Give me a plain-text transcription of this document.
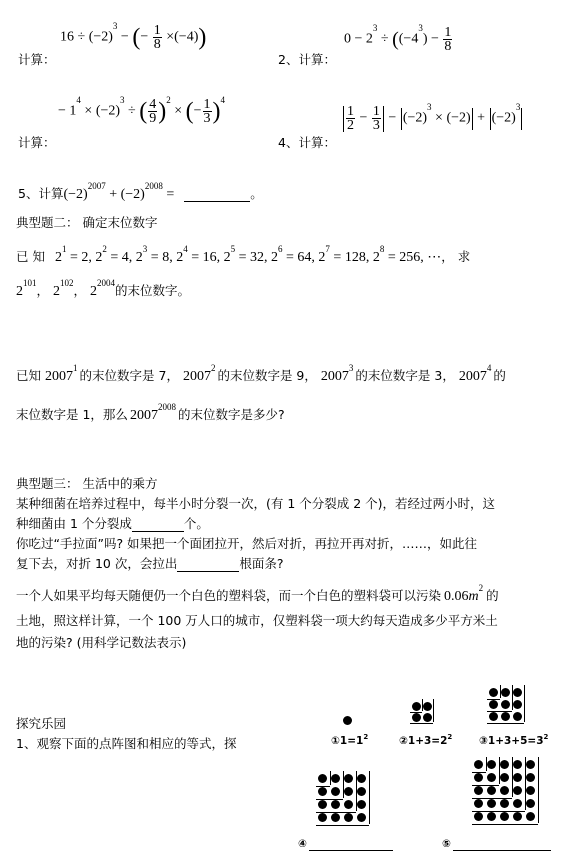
计算：
$16 \div (-2)^3$ − (− $\frac{1}{8} \times(-4)$)
2、计算：
$0 - 2^3 \div ((-4^3) - \frac{1}{8}$
计算：
− $1^4 \times (-2)^3$ ÷ ( $\frac{4}{9} )^2$ × (− $\frac{1}{3} )^4$
4、计算：
$\frac{1}{2} - \frac{1}{3} - (-2)^3 \times (-2) + (-2)^3$
5、计算$(-2)^{2007} + (-2)^{2008}$ =	。
典型题二： 确定末位数字
已 知 $2^1 = 2$, $2^2 = 4$, $2^3 = 8$, $2^4 = 16$, $2^5 = 32$, $2^6 = 64$, $2^7 = 128$, $2^8 = 256$, ⋯， 求
$2^{101}$， $2^{102}$， $2^{2004}$的末位数字。
已知 2007$^1$ 的末位数字是 7， 2007$^2$ 的末位数字是 9， 2007$^3$ 的末位数字是 3， 2007$^4$ 的
末位数字是 1，那么 $2007^{2008}$ 的末位数字是多少?
典型题三： 生活中的乘方
某种细菌在培养过程中，每半小时分裂一次，(有 1 个分裂成 2 个)，若经过两小时，这
种细菌由 1 个分裂成	个。
你吃过“手拉面”吗? 如果把一个面团拉开，然后对折，再拉开再对折，……，如此往
复下去，对折 10 次，会拉出	根面条?
一个人如果平均每天随便仍一个白色的塑料袋，而一个白色的塑料袋可以污染 $0.06m^2$ 的
土地，照这样计算，一个 100 万人口的城市，仅塑料袋一项大约每天造成多少平方米土
地的污染? (用科学记数法表示)
探究乐园
1、观察下面的点阵图和相应的等式，探	$①1=1^2$	$②1+3=2^2$	$③1+3+5=3^2$
④	⑤
